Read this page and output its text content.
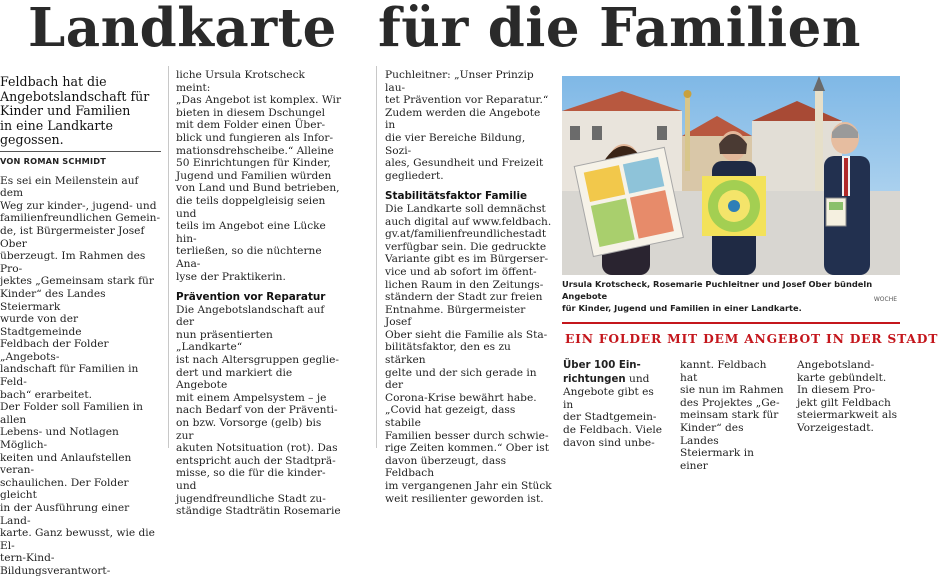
Landkarte für die Familien

Feldbach hat die
Angebotslandschaft für
Kinder und Familien
in eine Landkarte
gegossen.

VON ROMAN SCHMIDT

Es sei ein Meilenstein auf dem
Weg zur kinder-, jugend- und
familienfreundlichen Gemein-
de, ist Bürgermeister Josef Ober
überzeugt. Im Rahmen des Pro-
jektes „Gemeinsam stark für
Kinder“ des Landes Steiermark
wurde von der Stadtgemeinde
Feldbach der Folder „Angebots-
landschaft für Familien in Feld-
bach“ erarbeitet.

Der Folder soll Familien in allen
Lebens- und Notlagen Möglich-
keiten und Anlaufstellen veran-
schaulichen. Der Folder gleicht
in der Ausführung einer Land-
karte. Ganz bewusst, wie die El-
tern-Kind-Bildungsverantwort-

liche Ursula Krotscheck meint:
„Das Angebot ist komplex. Wir
bieten in diesem Dschungel
mit dem Folder einen Über-
blick und fungieren als Infor-
mationsdrehscheibe.“ Alleine
50 Einrichtungen für Kinder,
Jugend und Familien würden
von Land und Bund betrieben,
die teils doppelgleisig seien und
teils im Angebot eine Lücke hin-
terließen, so die nüchterne Ana-
lyse der Praktikerin.

Prävention vor Reparatur

Die Angebotslandschaft auf der
nun präsentierten „Landkarte“
ist nach Altersgruppen geglie-
dert und markiert die Angebote
mit einem Ampelsystem – je
nach Bedarf von der Präventi-
on bzw. Vorsorge (gelb) bis zur
akuten Notsituation (rot). Das
entspricht auch der Stadtprä-
misse, so die für die kinder- und
jugendfreundliche Stadt zu-
ständige Stadträtin Rosemarie

Puchleitner: „Unser Prinzip lau-
tet Prävention vor Reparatur.“
Zudem werden die Angebote in
die vier Bereiche Bildung, Sozi-
ales, Gesundheit und Freizeit
gegliedert.

Stabilitätsfaktor Familie

Die Landkarte soll demnächst
auch digital auf www.feldbach.
gv.at/familienfreundlichestadt
verfügbar sein. Die gedruckte
Variante gibt es im Bürgerser-
vice und ab sofort im öffent-
lichen Raum in den Zeitungs-
ständern der Stadt zur freien
Entnahme. Bürgermeister Josef
Ober sieht die Familie als Sta-
bilitätsfaktor, den es zu stärken
gelte und der sich gerade in der
Corona-Krise bewährt habe.
„Covid hat gezeigt, dass stabile
Familien besser durch schwie-
rige Zeiten kommen.“ Ober ist
davon überzeugt, dass Feldbach
im vergangenen Jahr ein Stück
weit resilienter geworden ist.

Ursula Krotscheck, Rosemarie Puchleitner und Josef Ober bündeln Angebote
für Kinder, Jugend und Familien in einer Landkarte.

WOCHE
EIN FOLDER MIT DEM ANGEBOT IN DER STADT

Über 100 Ein-
richtungen und
Angebote gibt es in
der Stadtgemein-
de Feldbach. Viele
davon sind unbe-

kannt. Feldbach hat
sie nun im Rahmen
des Projektes „Ge-
meinsam stark für
Kinder“ des Landes
Steiermark in einer

Angebotsland-
karte gebündelt.
In diesem Pro-
jekt gilt Feldbach
steiermarkweit als
Vorzeigestadt.
